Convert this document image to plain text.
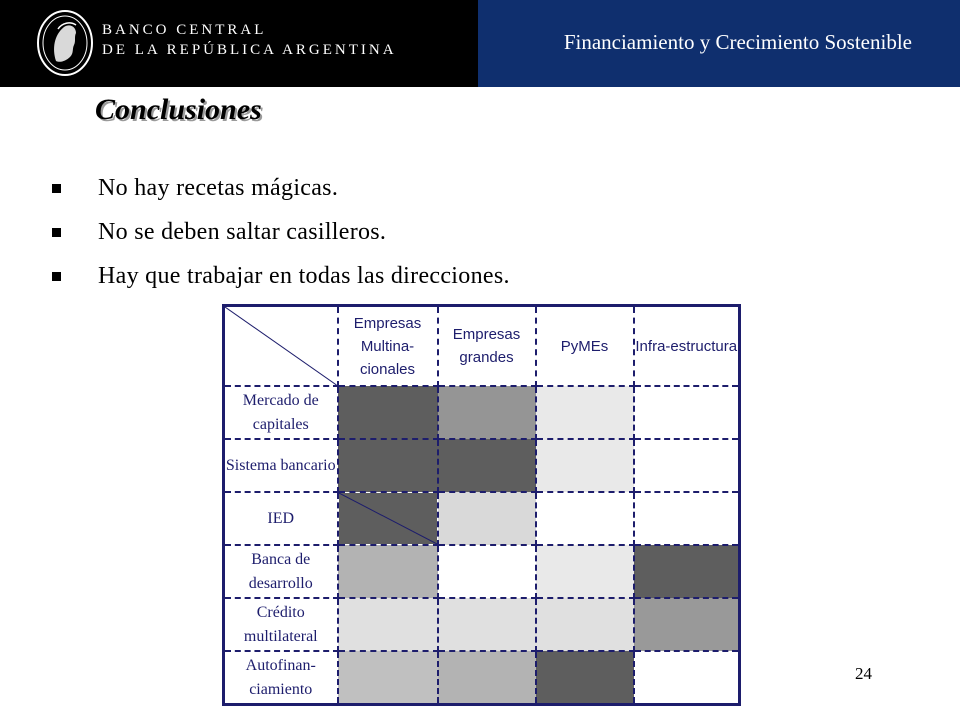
BANCO CENTRAL
DE LA REPÚBLICA ARGENTINA	Financiamiento y Crecimiento Sostenible
Conclusiones
No hay recetas mágicas.
No se deben saltar casilleros.
Hay que trabajar en todas las direcciones.
	Empresas Multina-cionales	Empresas grandes	PyMEs	Infra-estructura
Mercado de capitales				
Sistema bancario				
IED	

Banca de desarrollo				
Crédito multilateral				
Autofinan-ciamiento				
24
